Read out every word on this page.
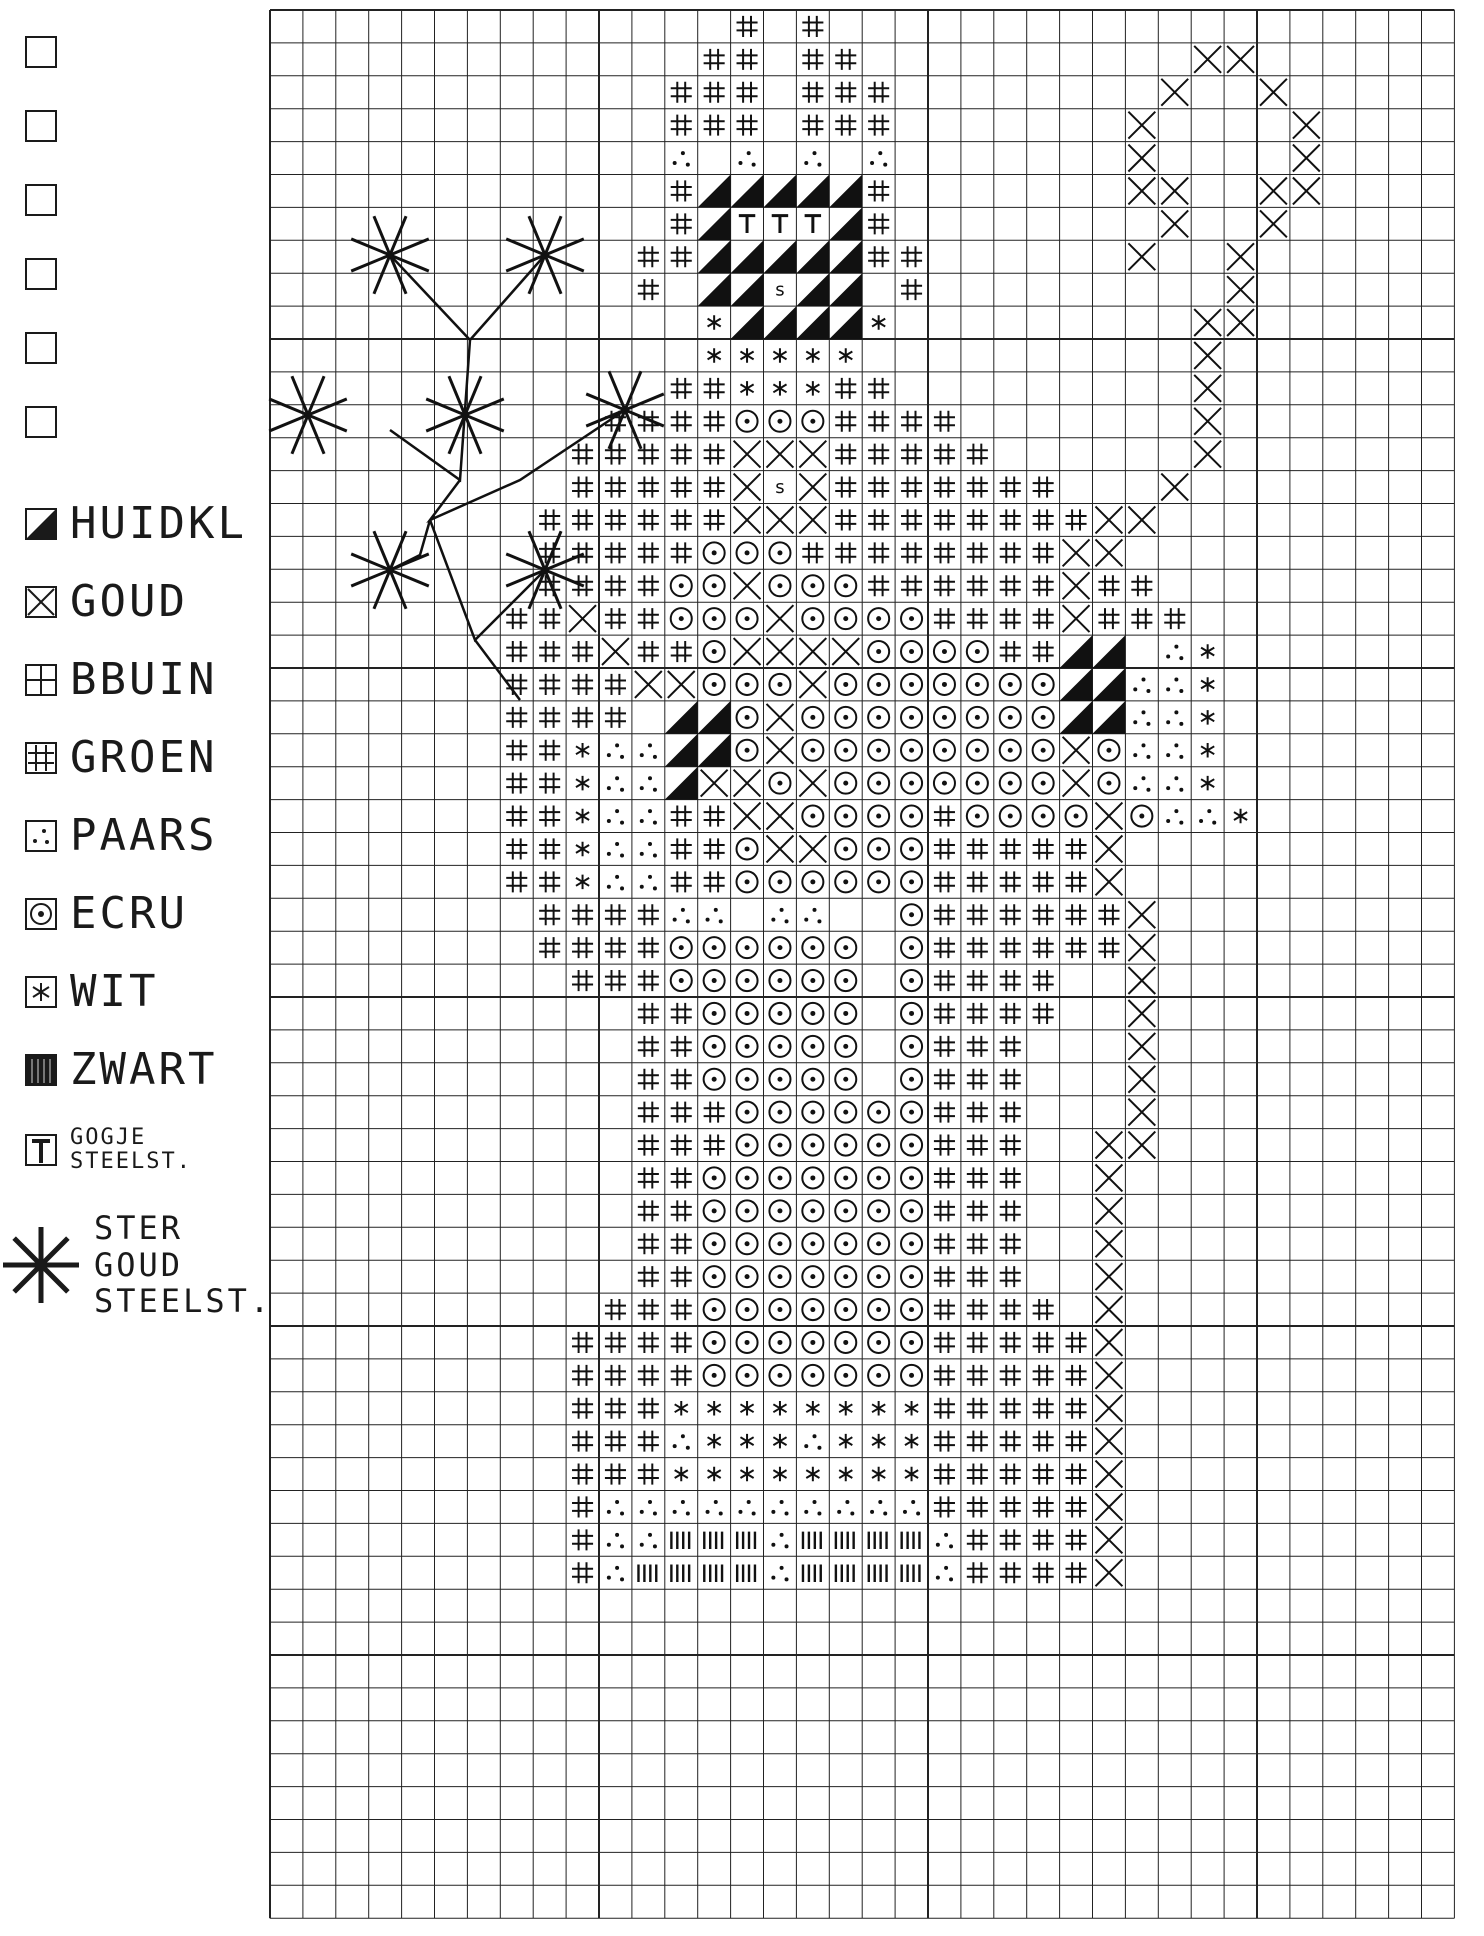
HUIDKL
GOUD
BBUIN
GROEN
PAARS
ECRU
WIT
ZWART
GOGJE
STEELST.
STER
GOUD
STEELST.
s
s
